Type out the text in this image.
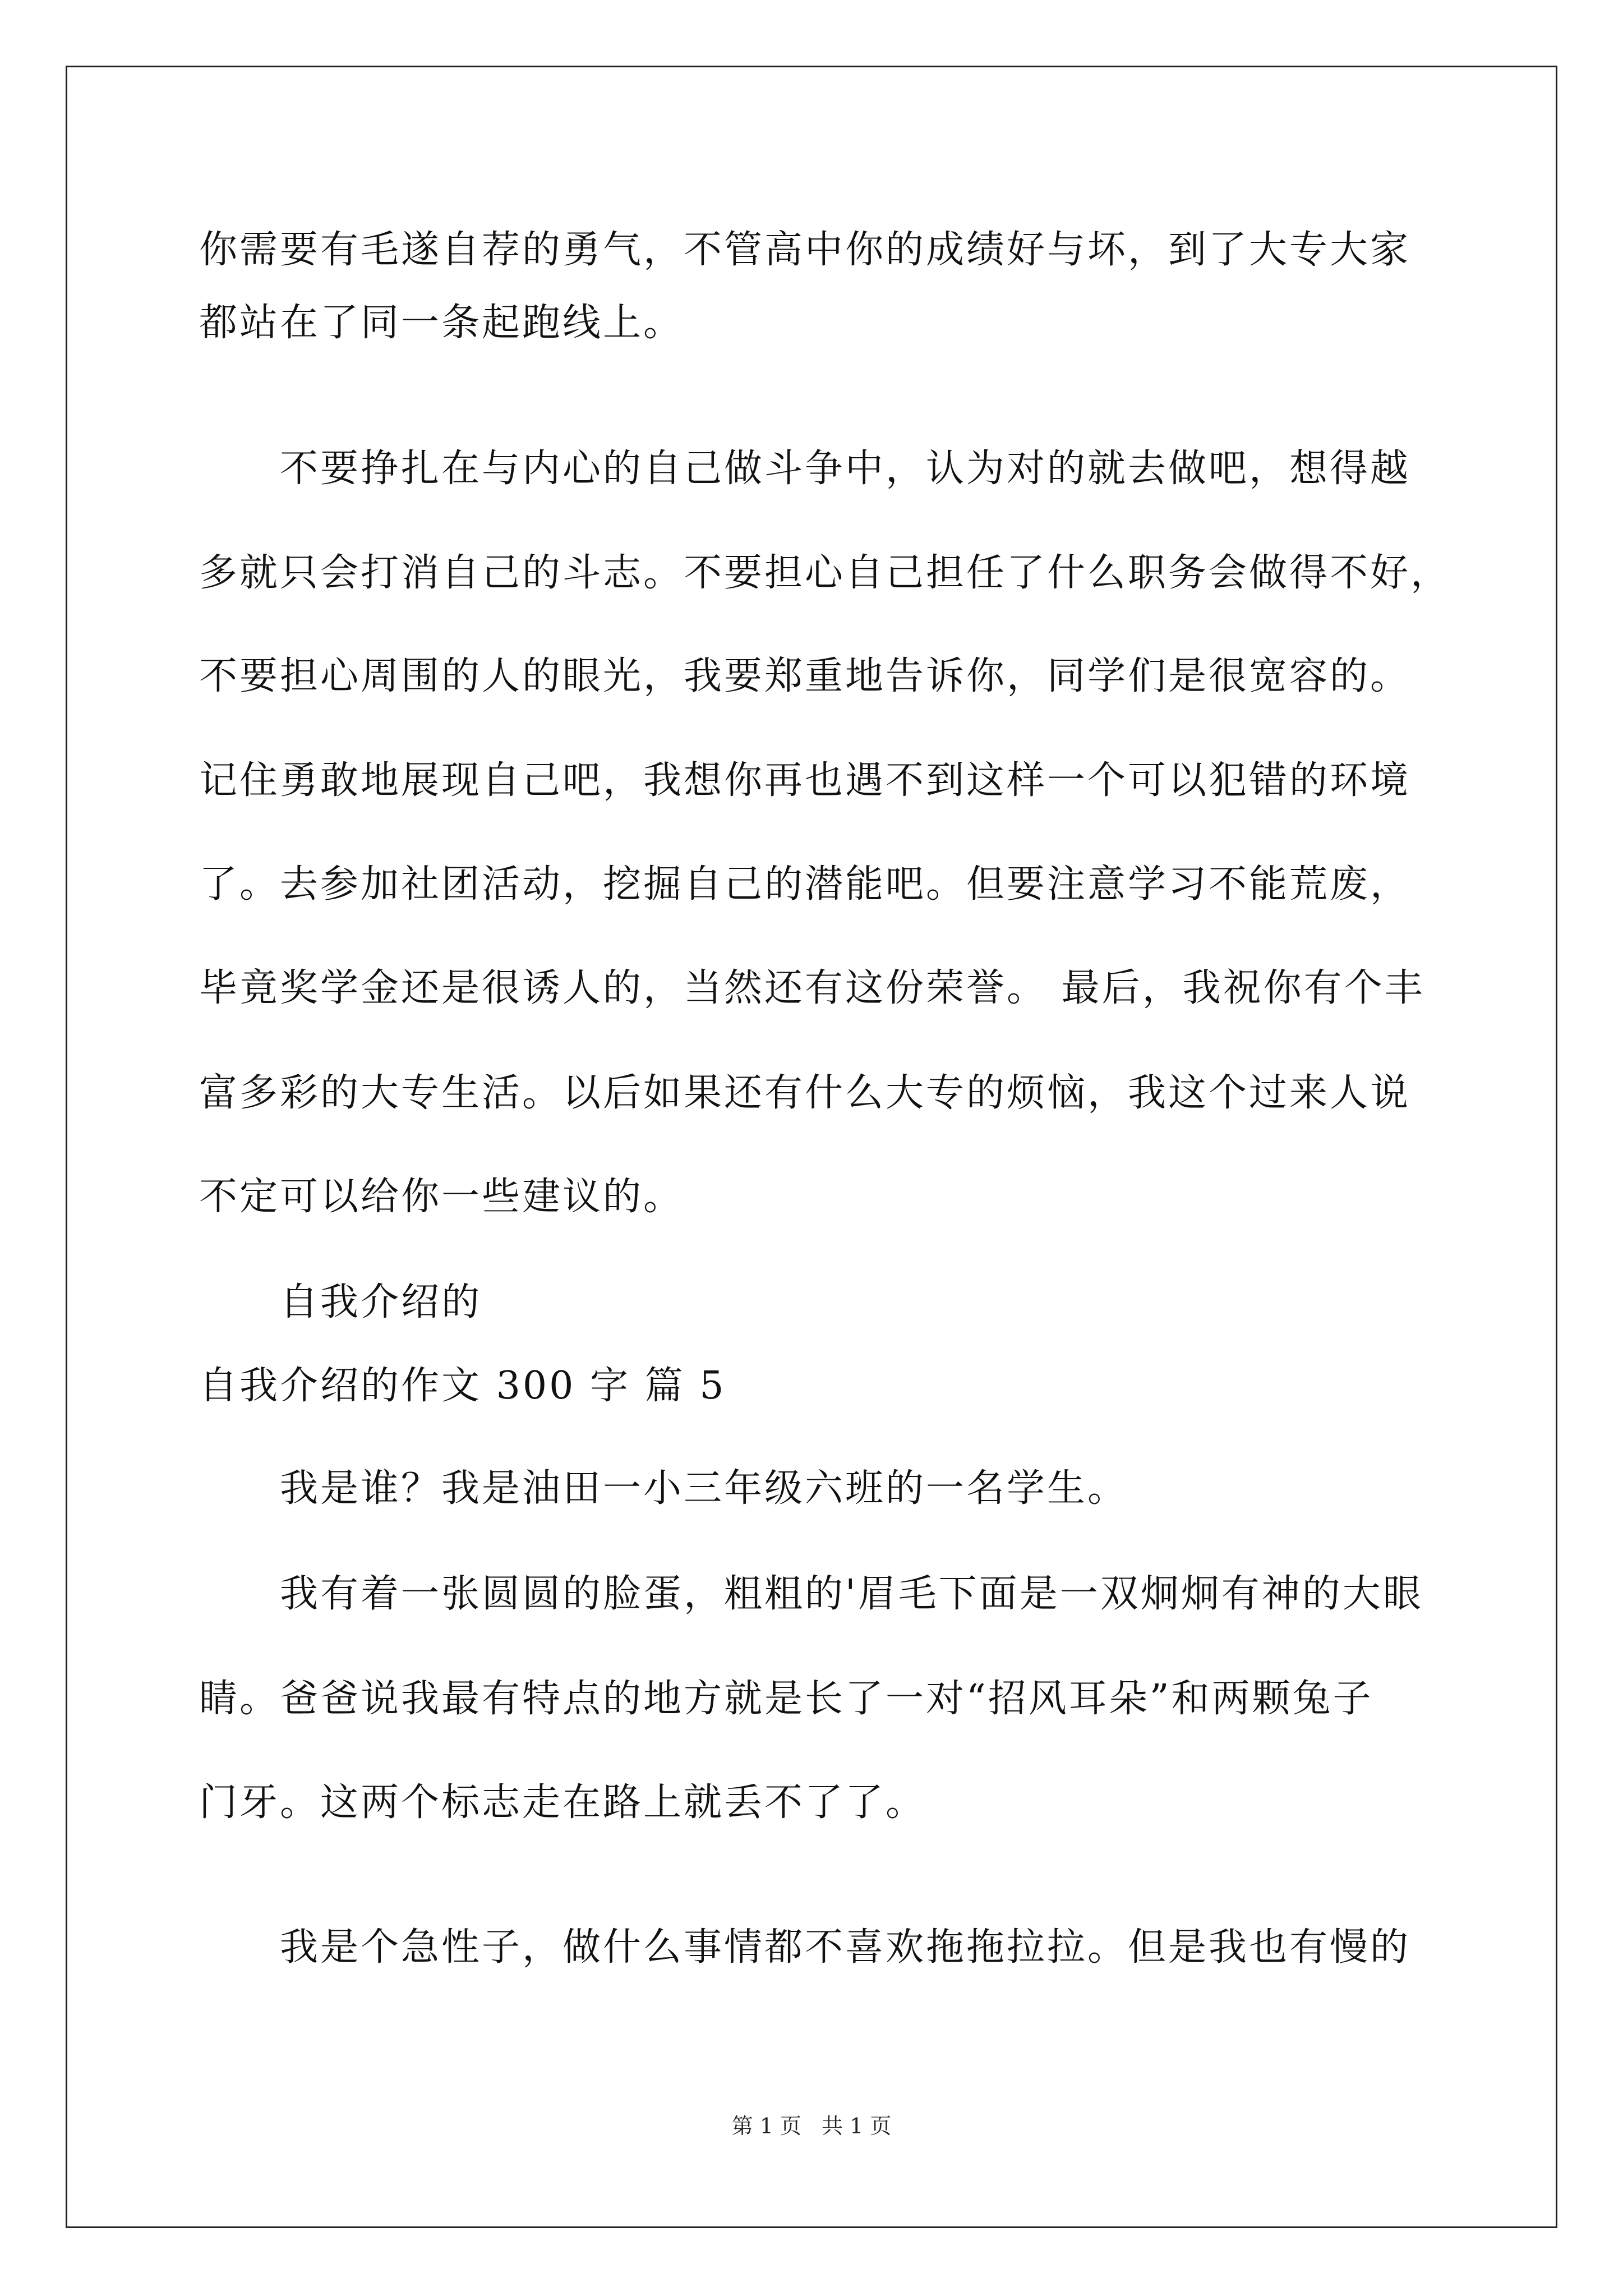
你需要有毛遂自荐的勇气，不管高中你的成绩好与坏，到了大专大家

都站在了同一条起跑线上。

　　不要挣扎在与内心的自己做斗争中，认为对的就去做吧，想得越

多就只会打消自己的斗志。不要担心自己担任了什么职务会做得不好，

不要担心周围的人的眼光，我要郑重地告诉你，同学们是很宽容的。

记住勇敢地展现自己吧，我想你再也遇不到这样一个可以犯错的环境

了。去参加社团活动，挖掘自己的潜能吧。但要注意学习不能荒废，

毕竟奖学金还是很诱人的，当然还有这份荣誉。 最后，我祝你有个丰

富多彩的大专生活。以后如果还有什么大专的烦恼，我这个过来人说

不定可以给你一些建议的。

　　自我介绍的

自我介绍的作文 300 字 篇 5

　　我是谁？我是油田一小三年级六班的一名学生。

　　我有着一张圆圆的脸蛋，粗粗的'眉毛下面是一双炯炯有神的大眼

睛。爸爸说我最有特点的地方就是长了一对“招风耳朵”和两颗兔子

门牙。这两个标志走在路上就丢不了了。

　　我是个急性子，做什么事情都不喜欢拖拖拉拉。但是我也有慢的

第 1 页 共 1 页
